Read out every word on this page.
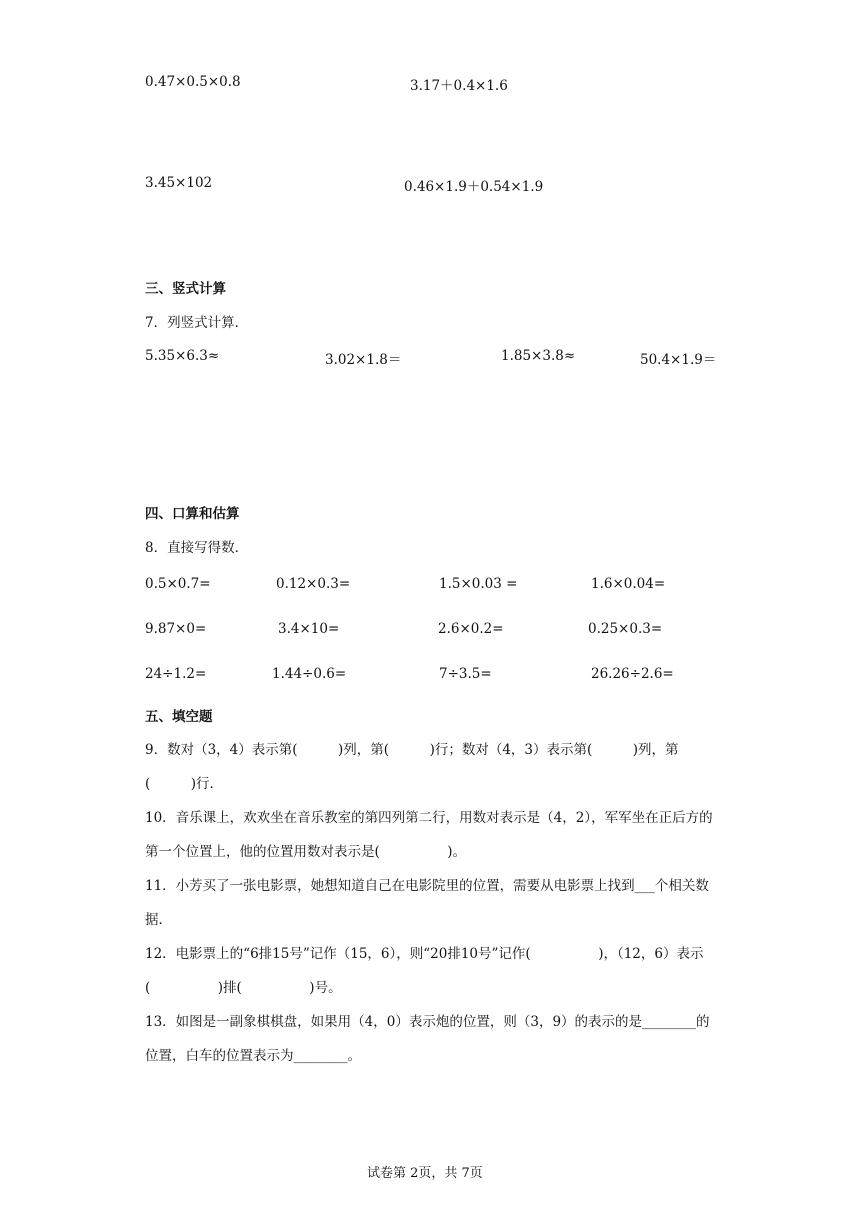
0.47×0.5×0.8	3.17＋0.4×1.6
3.45×102	0.46×1.9＋0.54×1.9
三、竖式计算
7．列竖式计算．
5.35×6.3≈	3.02×1.8＝	1.85×3.8≈	50.4×1.9＝
四、口算和估算
8．直接写得数．
0.5×0.7=	0.12×0.3=	1.5×0.03 =	1.6×0.04=
9.87×0=	3.4×10=	2.6×0.2=	0.25×0.3=
24÷1.2=	1.44÷0.6=	7÷3.5=	26.26÷2.6=
五、填空题
9．数对（3，4）表示第(　　　)列，第(　　　)行；数对（4，3）表示第(　　　)列，第(　　　)行．
10．音乐课上，欢欢坐在音乐教室的第四列第二行，用数对表示是（4，2），军军坐在正后方的第一个位置上，他的位置用数对表示是(　　　　　)。
11．小芳买了一张电影票，她想知道自己在电影院里的位置，需要从电影票上找到___个相关数据．
12．电影票上的“6排15号”记作（15，6），则“20排10号”记作(　　　　　)，（12，6）表示(　　　　　)排(　　　　　)号。
13．如图是一副象棋棋盘，如果用（4，0）表示炮的位置，则（3，9）的表示的是________的位置，白车的位置表示为________。
试卷第 2页，共 7页
